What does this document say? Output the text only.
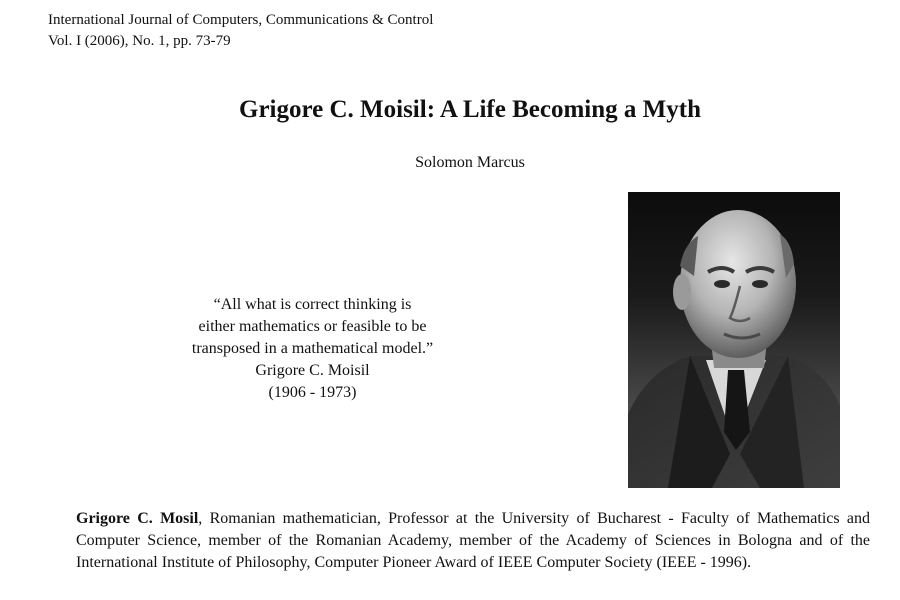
International Journal of Computers, Communications & Control
Vol. I (2006), No. 1, pp. 73-79
Grigore C. Moisil: A Life Becoming a Myth
Solomon Marcus
“All what is correct thinking is
either mathematics or feasible to be
transposed in a mathematical model.”
Grigore C. Moisil
(1906 - 1973)
Grigore C. Mosil, Romanian mathematician, Professor at the University of Bucharest - Faculty of Mathematics and Computer Science, member of the Romanian Academy, member of the Academy of Sciences in Bologna and of the International Institute of Philosophy, Computer Pioneer Award of IEEE Computer Society (IEEE - 1996).
